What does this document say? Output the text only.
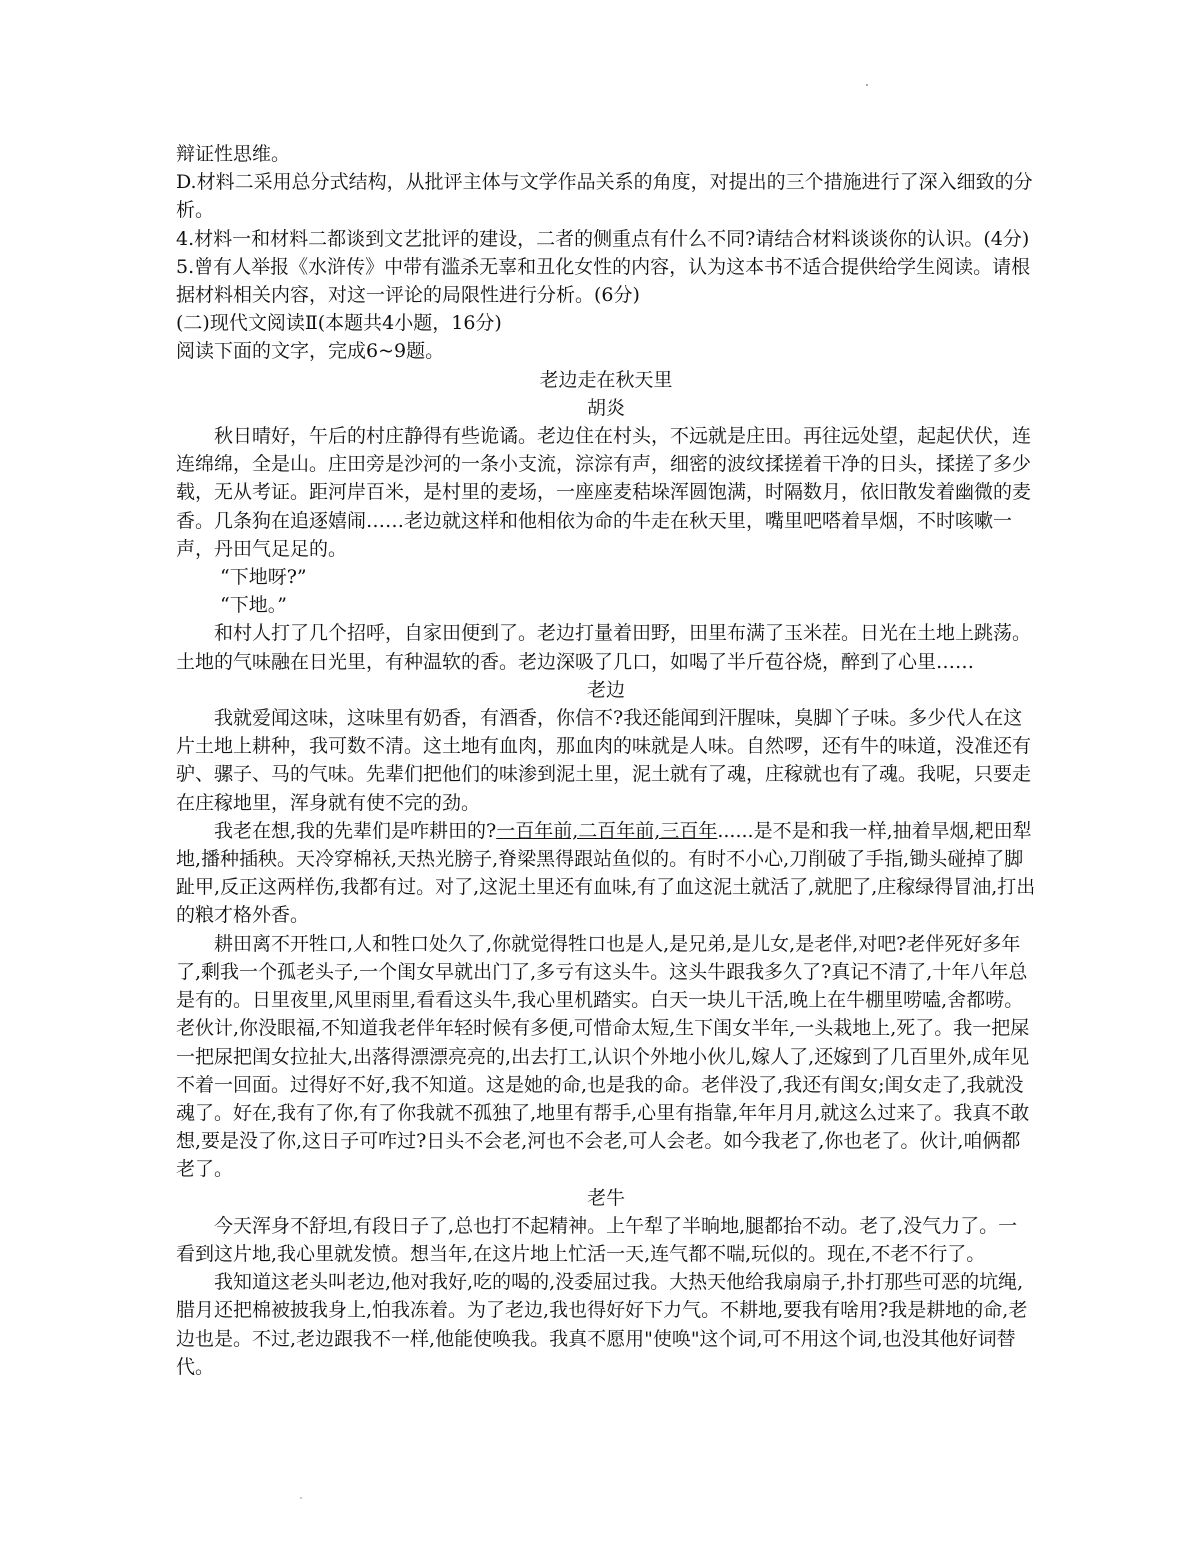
辩证性思维。

D.材料二采用总分式结构，从批评主体与文学作品关系的角度，对提出的三个措施进行了深入细致的分析。

4.材料一和材料二都谈到文艺批评的建设，二者的侧重点有什么不同?请结合材料谈谈你的认识。(4分)

5.曾有人举报《水浒传》中带有滥杀无辜和丑化女性的内容，认为这本书不适合提供给学生阅读。请根据材料相关内容，对这一评论的局限性进行分析。(6分)

(二)现代文阅读Ⅱ(本题共4小题，16分)

阅读下面的文字，完成6~9题。

老边走在秋天里

胡炎

秋日晴好，午后的村庄静得有些诡谲。老边住在村头，不远就是庄田。再往远处望，起起伏伏，连连绵绵，全是山。庄田旁是沙河的一条小支流，淙淙有声，细密的波纹揉搓着干净的日头，揉搓了多少载，无从考证。距河岸百米，是村里的麦场，一座座麦秸垛浑圆饱满，时隔数月，依旧散发着幽微的麦香。几条狗在追逐嬉闹……老边就这样和他相依为命的牛走在秋天里，嘴里吧嗒着旱烟，不时咳嗽一声，丹田气足足的。

“下地呀?”

“下地。”

和村人打了几个招呼，自家田便到了。老边打量着田野，田里布满了玉米茬。日光在土地上跳荡。土地的气味融在日光里，有种温软的香。老边深吸了几口，如喝了半斤苞谷烧，醉到了心里……

老边

我就爱闻这味，这味里有奶香，有酒香，你信不?我还能闻到汗腥味，臭脚丫子味。多少代人在这片土地上耕种，我可数不清。这土地有血肉，那血肉的味就是人味。自然啰，还有牛的味道，没准还有驴、骡子、马的气味。先辈们把他们的味渗到泥土里，泥土就有了魂，庄稼就也有了魂。我呢，只要走在庄稼地里，浑身就有使不完的劲。

我老在想,我的先辈们是咋耕田的?一百年前,二百年前,三百年......是不是和我一样,抽着旱烟,耙田犁地,播种插秧。天冷穿棉袄,天热光膀子,脊梁黑得跟站鱼似的。有时不小心,刀削破了手指,锄头碰掉了脚趾甲,反正这两样伤,我都有过。对了,这泥土里还有血味,有了血这泥土就活了,就肥了,庄稼绿得冒油,打出的粮才格外香。

耕田离不开牲口,人和牲口处久了,你就觉得牲口也是人,是兄弟,是儿女,是老伴,对吧?老伴死好多年了,剩我一个孤老头子,一个闺女早就出门了,多亏有这头牛。这头牛跟我多久了?真记不清了,十年八年总是有的。日里夜里,风里雨里,看看这头牛,我心里机踏实。白天一块儿干活,晚上在牛棚里唠嗑,舍都唠。老伙计,你没眼福,不知道我老伴年轻时候有多便,可惜命太短,生下闺女半年,一头栽地上,死了。我一把屎一把尿把闺女拉扯大,出落得漂漂亮亮的,出去打工,认识个外地小伙儿,嫁人了,还嫁到了几百里外,成年见不着一回面。过得好不好,我不知道。这是她的命,也是我的命。老伴没了,我还有闺女;闺女走了,我就没魂了。好在,我有了你,有了你我就不孤独了,地里有帮手,心里有指靠,年年月月,就这么过来了。我真不敢想,要是没了你,这日子可咋过?日头不会老,河也不会老,可人会老。如今我老了,你也老了。伙计,咱俩都老了。

老牛

今天浑身不舒坦,有段日子了,总也打不起精神。上午犁了半晌地,腿都抬不动。老了,没气力了。一看到这片地,我心里就发愤。想当年,在这片地上忙活一天,连气都不喘,玩似的。现在,不老不行了。

我知道这老头叫老边,他对我好,吃的喝的,没委屈过我。大热天他给我扇扇子,扑打那些可恶的坑绳,腊月还把棉被披我身上,怕我冻着。为了老边,我也得好好下力气。不耕地,要我有啥用?我是耕地的命,老边也是。不过,老边跟我不一样,他能使唤我。我真不愿用"使唤"这个词,可不用这个词,也没其他好词替代。
